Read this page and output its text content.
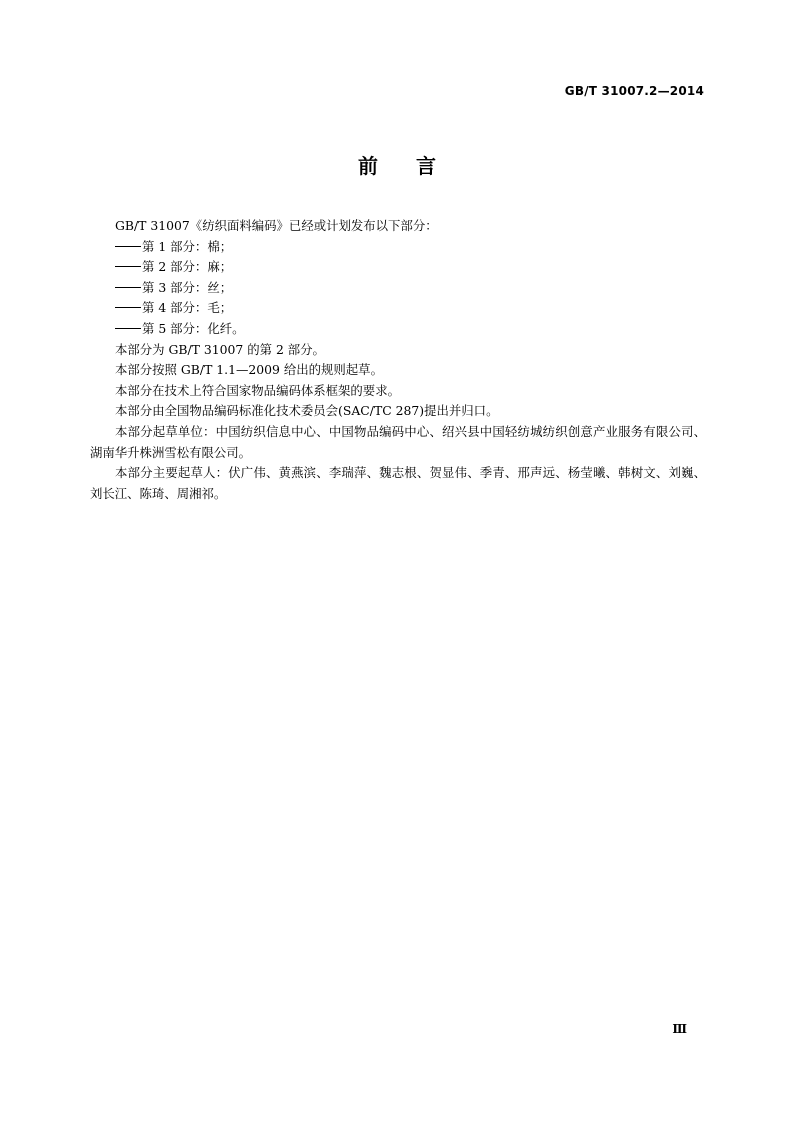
GB/T 31007.2—2014
前言

GB/T 31007《纺织面料编码》已经或计划发布以下部分：

第 1 部分：棉；
第 2 部分：麻；
第 3 部分：丝；
第 4 部分：毛；
第 5 部分：化纤。

本部分为 GB/T 31007 的第 2 部分。

本部分按照 GB/T 1.1—2009 给出的规则起草。

本部分在技术上符合国家物品编码体系框架的要求。

本部分由全国物品编码标准化技术委员会(SAC/TC 287)提出并归口。

本部分起草单位：中国纺织信息中心、中国物品编码中心、绍兴县中国轻纺城纺织创意产业服务有限公司、湖南华升株洲雪松有限公司。

本部分主要起草人：伏广伟、黄燕滨、李瑞萍、魏志根、贺显伟、季青、邢声远、杨莹曦、韩树文、刘巍、刘长江、陈琦、周湘祁。

Ⅲ
